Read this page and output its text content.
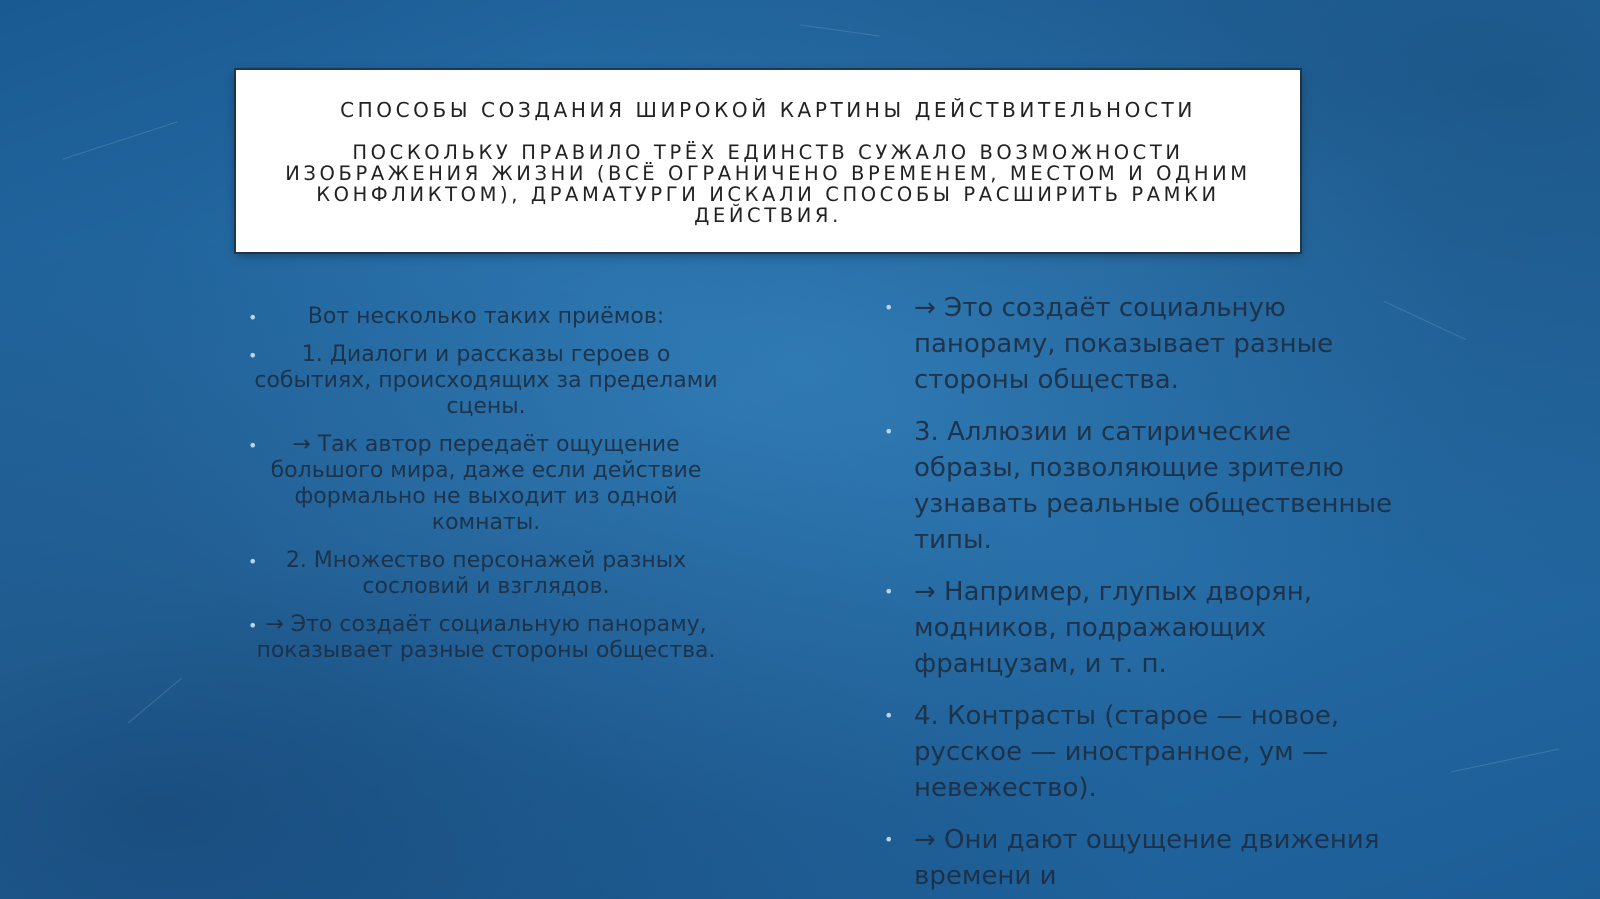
СПОСОБЫ СОЗДАНИЯ ШИРОКОЙ КАРТИНЫ ДЕЙСТВИТЕЛЬНОСТИ
ПОСКОЛЬКУ ПРАВИЛО ТРЁХ ЕДИНСТВ СУЖАЛО ВОЗМОЖНОСТИ ИЗОБРАЖЕНИЯ ЖИЗНИ (ВСЁ ОГРАНИЧЕНО ВРЕМЕНЕМ, МЕСТОМ И ОДНИМ КОНФЛИКТОМ), ДРАМАТУРГИ ИСКАЛИ СПОСОБЫ РАСШИРИТЬ РАМКИ ДЕЙСТВИЯ.
• Вот несколько таких приёмов:
• 1. Диалоги и рассказы героев о событиях, происходящих за пределами сцены.
• → Так автор передаёт ощущение большого мира, даже если действие формально не выходит из одной комнаты.
• 2. Множество персонажей разных сословий и взглядов.
• → Это создаёт социальную панораму, показывает разные стороны общества.
• → Это создаёт социальную панораму, показывает разные стороны общества.
• 3. Аллюзии и сатирические образы, позволяющие зрителю узнавать реальные общественные типы.
• → Например, глупых дворян, модников, подражающих французам, и т. п.
• 4. Контрасты (старое — новое, русское — иностранное, ум — невежество).
• → Они дают ощущение движения времени и
